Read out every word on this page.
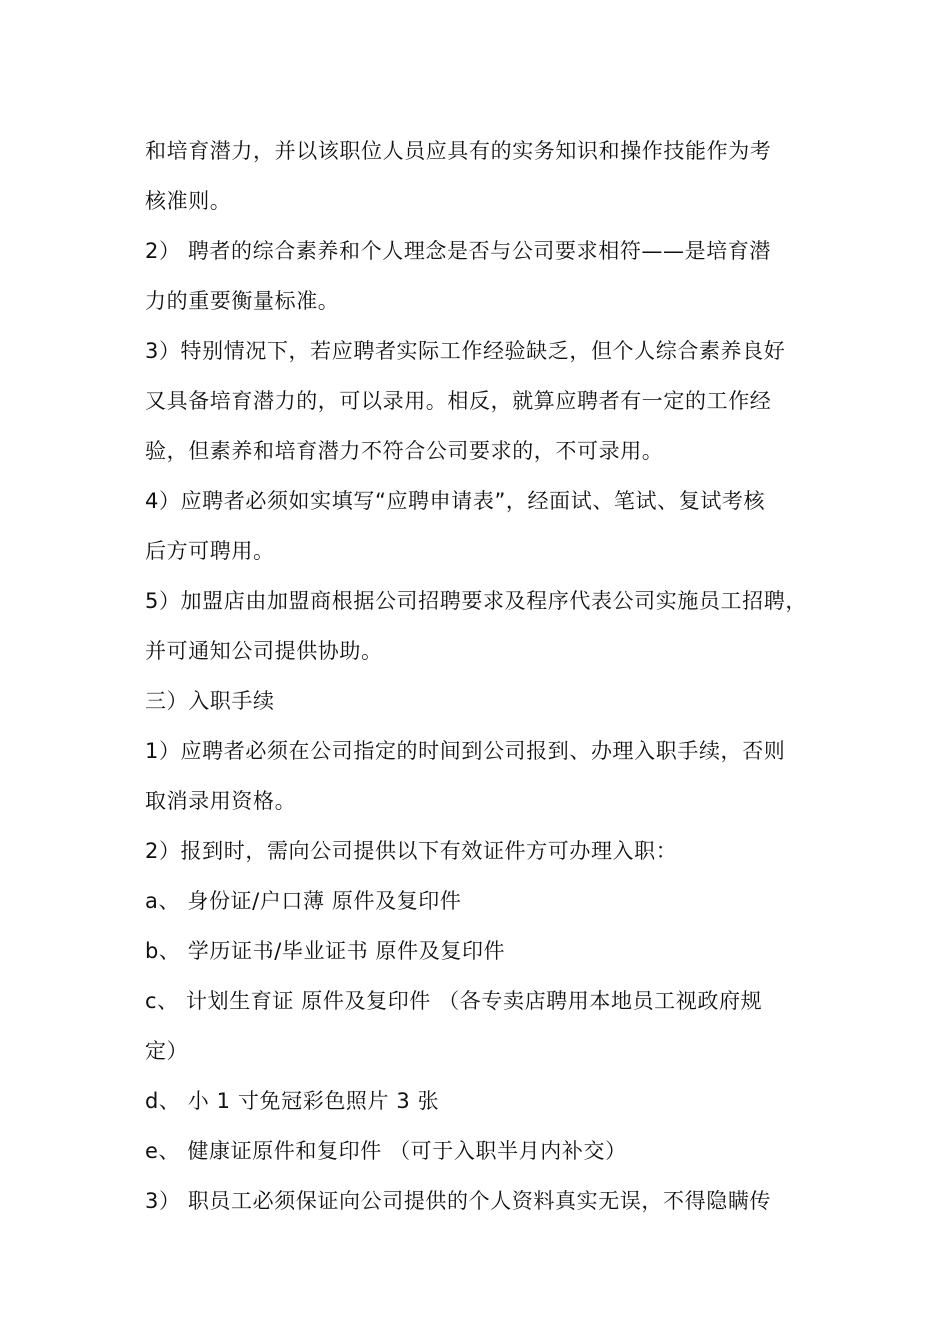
和培育潜力，并以该职位人员应具有的实务知识和操作技能作为考
核准则。
2） 聘者的综合素养和个人理念是否与公司要求相符——是培育潜
力的重要衡量标准。
3）特别情况下，若应聘者实际工作经验缺乏，但个人综合素养良好
又具备培育潜力的，可以录用。相反，就算应聘者有一定的工作经
验，但素养和培育潜力不符合公司要求的，不可录用。
4）应聘者必须如实填写“应聘申请表”，经面试、笔试、复试考核
后方可聘用。
5）加盟店由加盟商根据公司招聘要求及程序代表公司实施员工招聘，
并可通知公司提供协助。
三）入职手续
1）应聘者必须在公司指定的时间到公司报到、办理入职手续，否则
取消录用资格。
2）报到时，需向公司提供以下有效证件方可办理入职：
a、 身份证/户口薄 原件及复印件
b、 学历证书/毕业证书 原件及复印件
c、 计划生育证 原件及复印件 （各专卖店聘用本地员工视政府规
定）
d、 小 1 寸免冠彩色照片 3 张
e、 健康证原件和复印件 （可于入职半月内补交）
3） 职员工必须保证向公司提供的个人资料真实无误，不得隐瞒传
